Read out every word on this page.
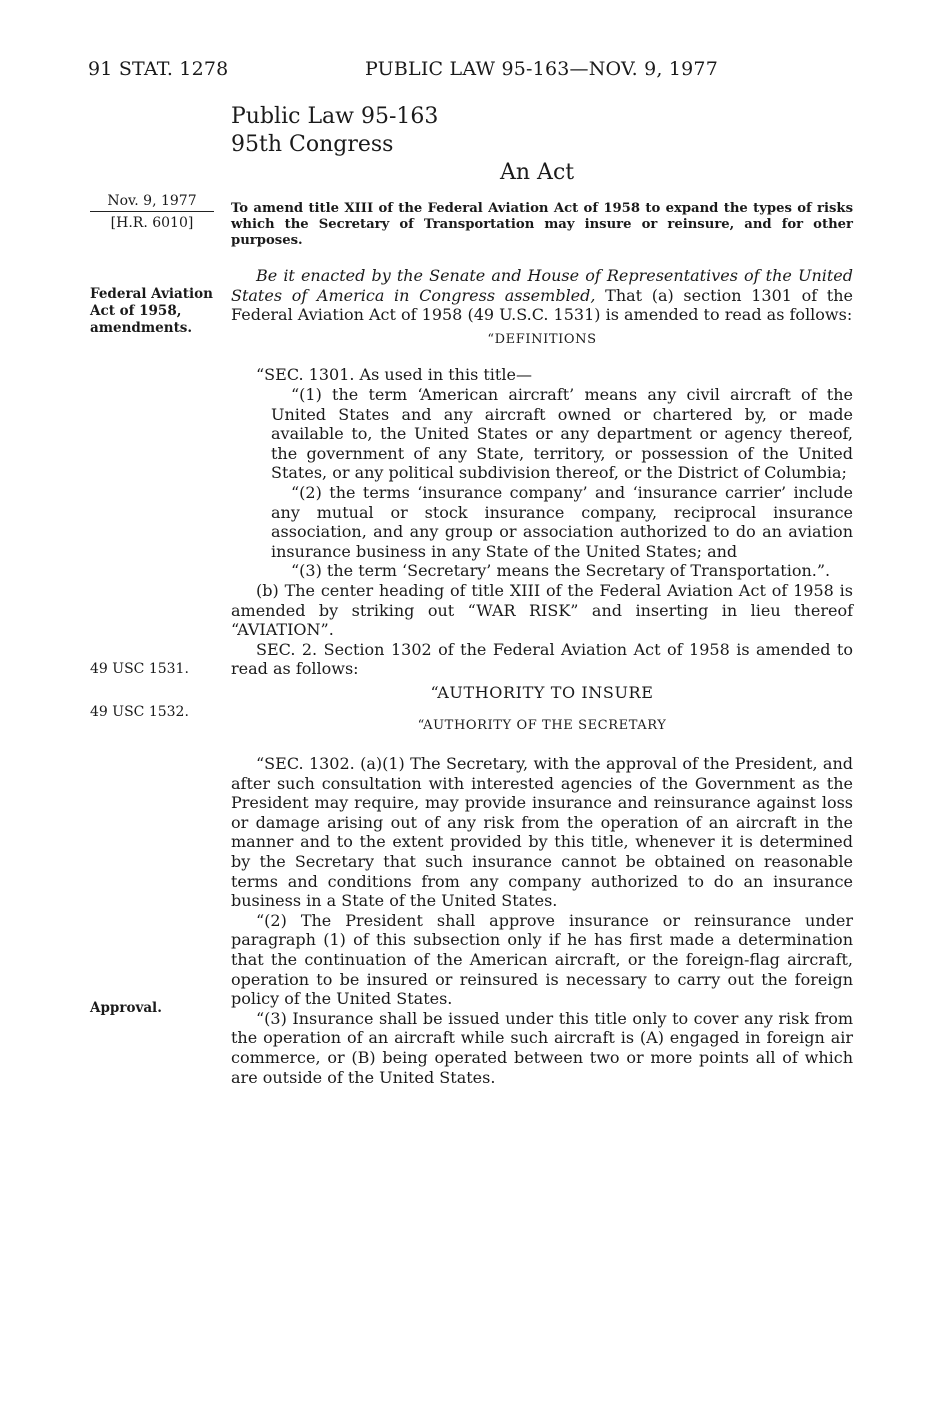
91 STAT. 1278	PUBLIC LAW 95-163—NOV. 9, 1977
Public Law 95-163
95th Congress
An Act
Nov. 9, 1977
[H.R. 6010]
Federal Aviation
Act of 1958,
amendments.
49 USC 1531.
49 USC 1532.
Approval.
To amend title XIII of the Federal Aviation Act of 1958 to expand the types of risks which the Secretary of Transportation may insure or reinsure, and for other purposes.

Be it enacted by the Senate and House of Representatives of the United States of America in Congress assembled, That (a) section 1301 of the Federal Aviation Act of 1958 (49 U.S.C. 1531) is amended to read as follows:

“DEFINITIONS

“SEC. 1301. As used in this title—

“(1) the term ‘American aircraft’ means any civil aircraft of the United States and any aircraft owned or chartered by, or made available to, the United States or any department or agency thereof, the government of any State, territory, or possession of the United States, or any political subdivision thereof, or the District of Columbia;

“(2) the terms ‘insurance company’ and ‘insurance carrier’ include any mutual or stock insurance company, reciprocal insurance association, and any group or association authorized to do an aviation insurance business in any State of the United States; and

“(3) the term ‘Secretary’ means the Secretary of Transportation.”.

(b) The center heading of title XIII of the Federal Aviation Act of 1958 is amended by striking out “WAR RISK” and inserting in lieu thereof “AVIATION”.

SEC. 2. Section 1302 of the Federal Aviation Act of 1958 is amended to read as follows:

“AUTHORITY TO INSURE

“AUTHORITY OF THE SECRETARY

“SEC. 1302. (a)(1) The Secretary, with the approval of the President, and after such consultation with interested agencies of the Government as the President may require, may provide insurance and reinsurance against loss or damage arising out of any risk from the operation of an aircraft in the manner and to the extent provided by this title, whenever it is determined by the Secretary that such insurance cannot be obtained on reasonable terms and conditions from any company authorized to do an insurance business in a State of the United States.

“(2) The President shall approve insurance or reinsurance under paragraph (1) of this subsection only if he has first made a determination that the continuation of the American aircraft, or the foreign-flag aircraft, operation to be insured or reinsured is necessary to carry out the foreign policy of the United States.

“(3) Insurance shall be issued under this title only to cover any risk from the operation of an aircraft while such aircraft is (A) engaged in foreign air commerce, or (B) being operated between two or more points all of which are outside of the United States.
